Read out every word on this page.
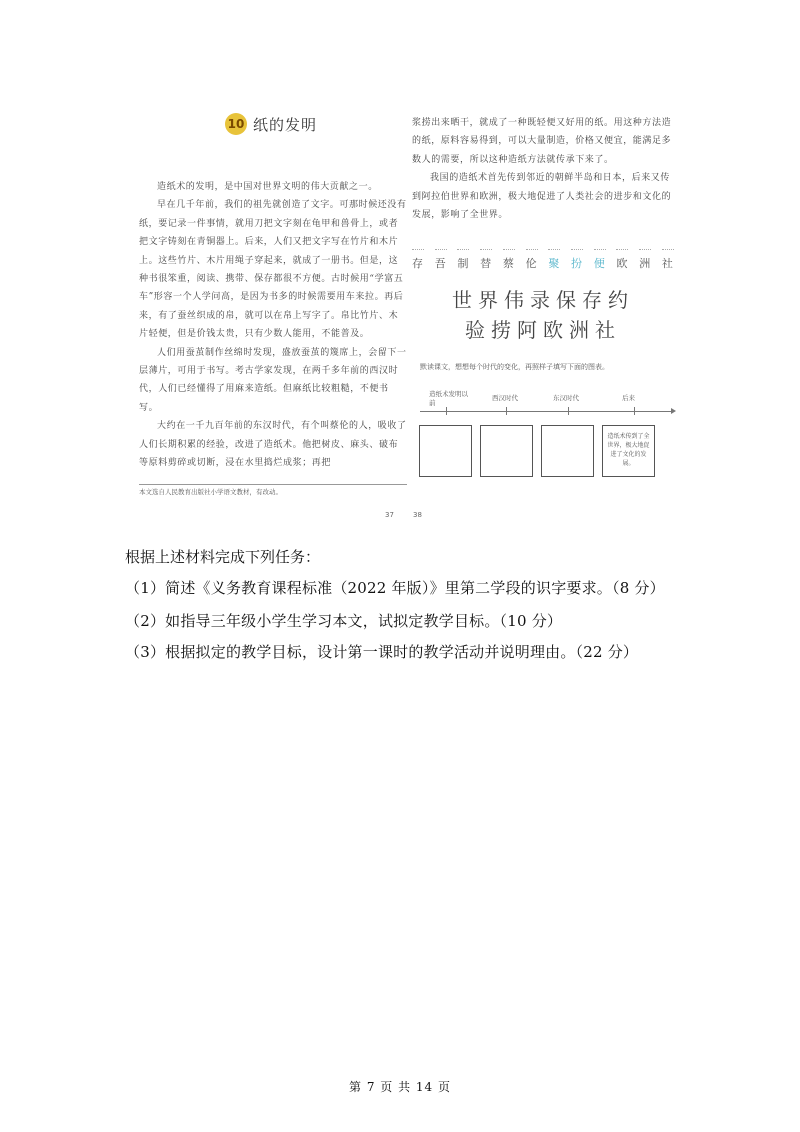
10 纸的发明

造纸术的发明，是中国对世界文明的伟大贡献之一。

早在几千年前，我们的祖先就创造了文字。可那时候还没有纸，要记录一件事情，就用刀把文字刻在龟甲和兽骨上，或者把文字铸刻在青铜器上。后来，人们又把文字写在竹片和木片上。这些竹片、木片用绳子穿起来，就成了一册书。但是，这种书很笨重，阅读、携带、保存都很不方便。古时候用“学富五车”形容一个人学问高，是因为书多的时候需要用车来拉。再后来，有了蚕丝织成的帛，就可以在帛上写字了。帛比竹片、木片轻便，但是价钱太贵，只有少数人能用，不能普及。

人们用蚕茧制作丝绵时发现，盛放蚕茧的篾席上，会留下一层薄片，可用于书写。考古学家发现，在两千多年前的西汉时代，人们已经懂得了用麻来造纸。但麻纸比较粗糙，不便书写。

大约在一千九百年前的东汉时代，有个叫蔡伦的人，吸收了人们长期积累的经验，改进了造纸术。他把树皮、麻头、破布等原料剪碎或切断，浸在水里捣烂成浆；再把

本文选自人民教育出版社小学语文教材，有改动。
37	38

浆捞出来晒干，就成了一种既轻便又好用的纸。用这种方法造的纸，原料容易得到，可以大量制造，价格又便宜，能满足多数人的需要，所以这种造纸方法就传承下来了。

我国的造纸术首先传到邻近的朝鲜半岛和日本，后来又传到阿拉伯世界和欧洲，极大地促进了人类社会的进步和文化的发展，影响了全世界。

存 吾 制 替 蔡 伦 聚 扮 便 欧 洲 社
世界伟录保存约
验捞阿欧洲社
默读课文，想想每个时代的变化，再照样子填写下面的图表。
造纸术发明以前
西汉时代	东汉时代	后来
造纸术传到了全世界，极大地促进了文化的发展。
根据上述材料完成下列任务：
（1）简述《义务教育课程标准（2022 年版）》里第二学段的识字要求。（8 分）
（2）如指导三年级小学生学习本文，试拟定教学目标。（10 分）
（3）根据拟定的教学目标，设计第一课时的教学活动并说明理由。（22 分）
第 7 页 共 14 页
